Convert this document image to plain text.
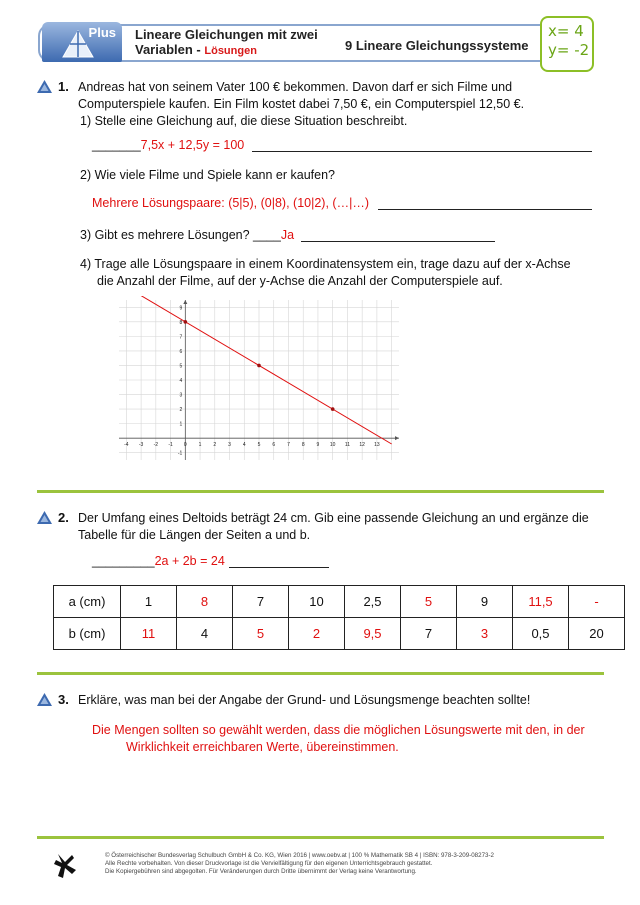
Plus Lineare Gleichungen mit zwei
Variablen - Lösungen	9 Lineare Gleichungssysteme
x= 4
y= -2
1. Andreas hat von seinem Vater 100 € bekommen. Davon darf er sich Filme und
Computerspiele kaufen. Ein Film kostet dabei 7,50 €, ein Computerspiel 12,50 €.
1) Stelle eine Gleichung auf, die diese Situation beschreibt.
_______7,5x + 12,5y = 100
2) Wie viele Filme und Spiele kann er kaufen?
Mehrere Lösungspaare: (5|5), (0|8), (10|2), (…|…)
3) Gibt es mehrere Lösungen? ____Ja
4) Trage alle Lösungspaare in einem Koordinatensystem ein, trage dazu auf der x-Achse
die Anzahl der Filme, auf der y-Achse die Anzahl der Computerspiele auf.
-4 -3 -2 -1 0 1 2 3 4 5 6 7 8 9 10 11 12 13
-1
1
2
3
4
5
6
7
8
9
2. Der Umfang eines Deltoids beträgt 24 cm. Gib eine passende Gleichung an und ergänze die
Tabelle für die Längen der Seiten a und b.
_________2a + 2b = 24
a (cm)	1	8	7	10	2,5	5	9	11,5	-
b (cm)	11	4	5	2	9,5	7	3	0,5	20
3. Erkläre, was man bei der Angabe der Grund- und Lösungsmenge beachten sollte!
Die Mengen sollten so gewählt werden, dass die möglichen Lösungswerte mit den, in der
Wirklichkeit erreichbaren Werte, übereinstimmen.
© Österreichischer Bundesverlag Schulbuch GmbH & Co. KG, Wien 2016 | www.oebv.at | 100 % Mathematik SB 4 | ISBN: 978-3-209-08273-2
Alle Rechte vorbehalten. Von dieser Druckvorlage ist die Vervielfältigung für den eigenen Unterrichtsgebrauch gestattet.
Die Kopiergebühren sind abgegolten. Für Veränderungen durch Dritte übernimmt der Verlag keine Verantwortung.
